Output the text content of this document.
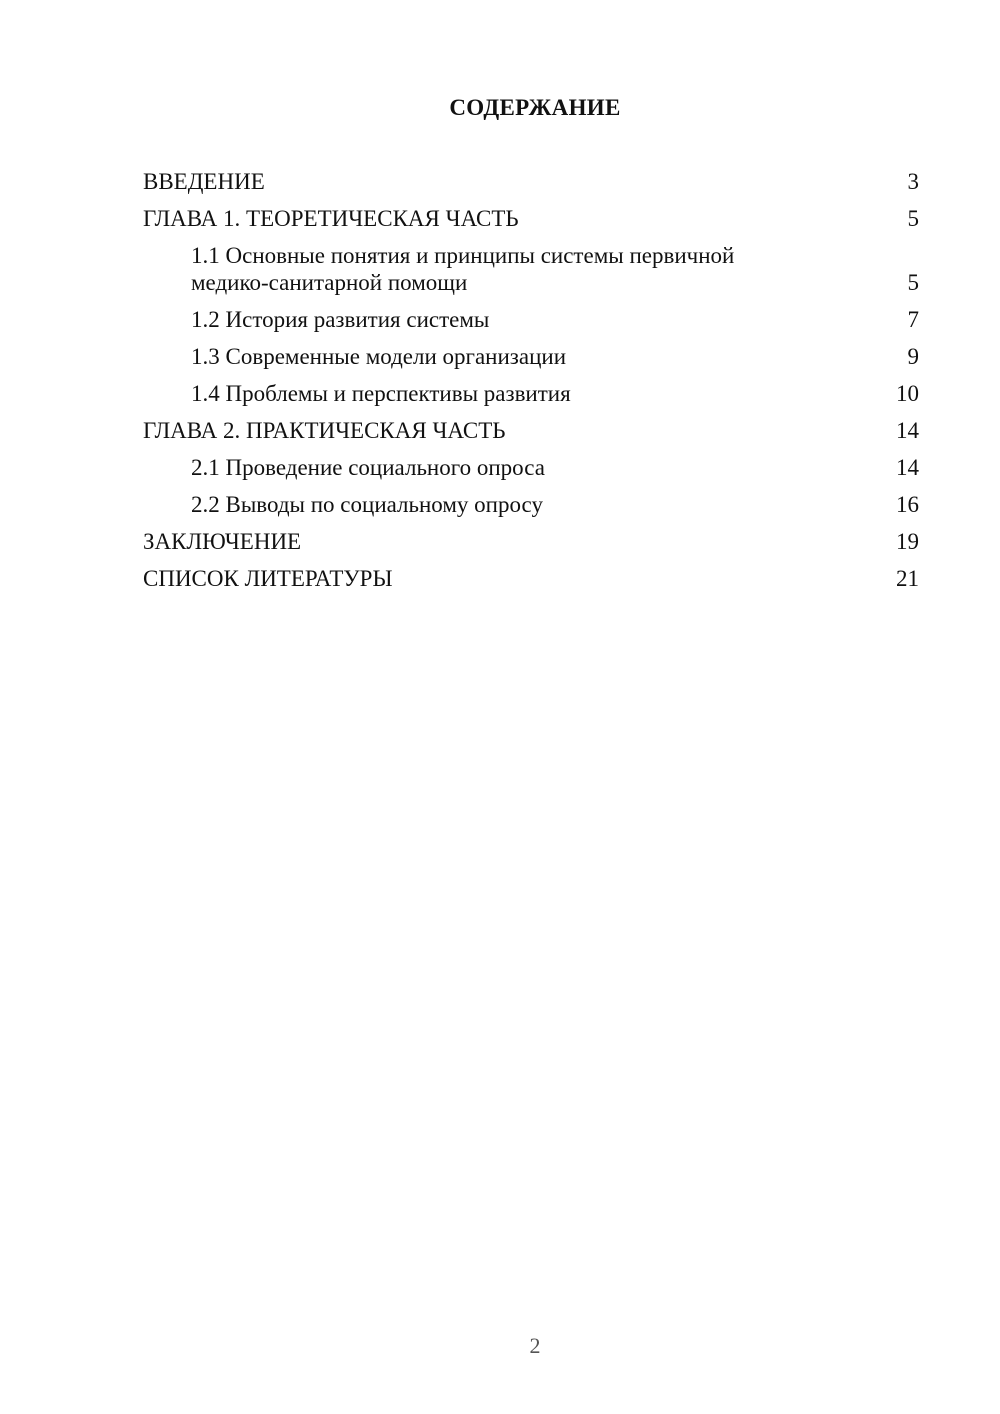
СОДЕРЖАНИЕ
ВВЕДЕНИЕ	3
ГЛАВА 1. ТЕОРЕТИЧЕСКАЯ ЧАСТЬ	5
1.1 Основные понятия и принципы системы первичной
медико-санитарной помощи	5
1.2 История развития системы	7
1.3 Современные модели организации	9
1.4 Проблемы и перспективы развития	10
ГЛАВА 2. ПРАКТИЧЕСКАЯ ЧАСТЬ	14
2.1 Проведение социального опроса	14
2.2 Выводы по социальному опросу	16
ЗАКЛЮЧЕНИЕ	19
СПИСОК ЛИТЕРАТУРЫ	21
2
